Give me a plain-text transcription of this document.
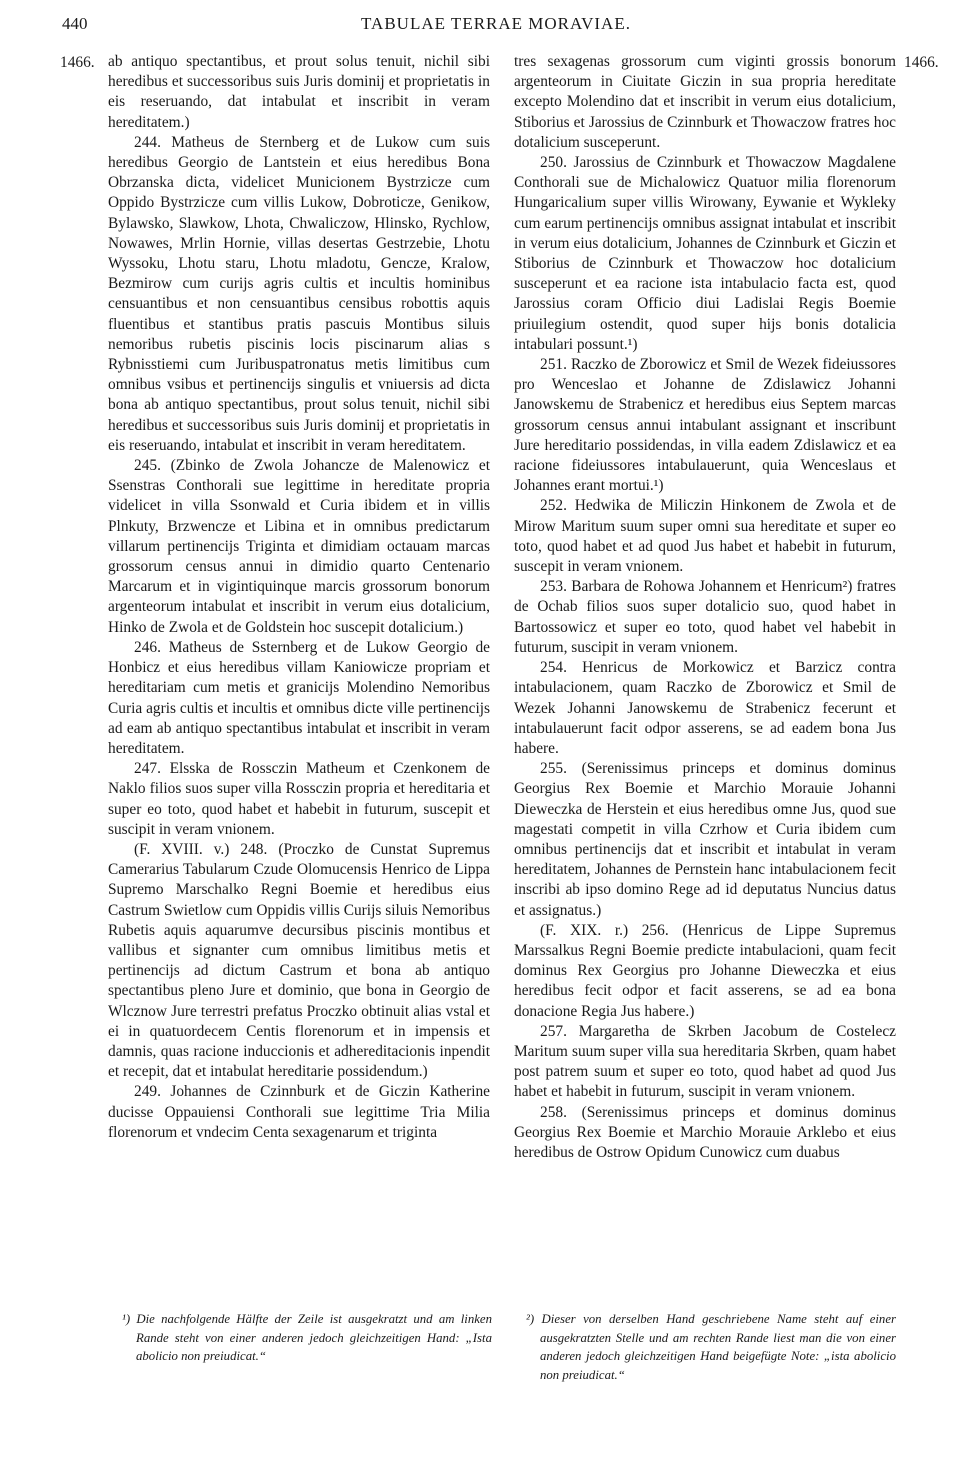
440	TABULAE TERRAE MORAVIAE.
1466.	1466.

ab antiquo spectantibus, et prout solus tenuit, nichil sibi heredibus et successoribus suis Juris dominij et proprietatis in eis reseruando, dat intabulat et inscribit in veram hereditatem.)

244. Matheus de Sternberg et de Lukow cum suis heredibus Georgio de Lantstein et eius heredibus Bona Obrzanska dicta, videlicet Municionem Bystrzicze cum Oppido Bystrzicze cum villis Lukow, Dobroticze, Genikow, Bylawsko, Slawkow, Lhota, Chwaliczow, Hlinsko, Rychlow, Nowawes, Mrlin Hornie, villas desertas Gestrzebie, Lhotu Wyssoku, Lhotu staru, Lhotu mladotu, Gencze, Kralow, Bezmirow cum curijs agris cultis et incultis hominibus censuantibus et non censuantibus censibus robottis aquis fluentibus et stantibus pratis pascuis Montibus siluis nemoribus rubetis piscinis locis piscinarum alias s Rybnisstiemi cum Juribuspatronatus metis limitibus cum omnibus vsibus et pertinencijs singulis et vniuersis ad dicta bona ab antiquo spectantibus, prout solus tenuit, nichil sibi heredibus et successoribus suis Juris dominij et proprietatis in eis reseruando, intabulat et inscribit in veram hereditatem.

245. (Zbinko de Zwola Johancze de Malenowicz et Ssenstras Conthorali sue legittime in hereditate propria videlicet in villa Ssonwald et Curia ibidem et in villis Plnkuty, Brzwencze et Libina et in omnibus predictarum villarum pertinencijs Triginta et dimidiam octauam marcas grossorum census annui in dimidio quarto Centenario Marcarum et in vigintiquinque marcis grossorum bonorum argenteorum intabulat et inscribit in verum eius dotalicium, Hinko de Zwola et de Goldstein hoc suscepit dotalicium.)

246. Matheus de Ssternberg et de Lukow Georgio de Honbicz et eius heredibus villam Kaniowicze propriam et hereditariam cum metis et granicijs Molendino Nemoribus Curia agris cultis et incultis et omnibus dicte ville pertinencijs ad eam ab antiquo spectantibus intabulat et inscribit in veram hereditatem.

247. Elsska de Rossczin Matheum et Czenkonem de Naklo filios suos super villa Rossczin propria et hereditaria et super eo toto, quod habet et habebit in futurum, suscepit et suscipit in veram vnionem.

(F. XVIII. v.) 248. (Proczko de Cunstat Supremus Camerarius Tabularum Czude Olomucensis Henrico de Lippa Supremo Marschalko Regni Boemie et heredibus eius Castrum Swietlow cum Oppidis villis Curijs siluis Nemoribus Rubetis aquis aquarumve decursibus piscinis montibus et vallibus et signanter cum omnibus limitibus metis et pertinencijs ad dictum Castrum et bona ab antiquo spectantibus pleno Jure et dominio, que bona in Georgio de Wlcznow Jure terrestri prefatus Proczko obtinuit alias vstal et ei in quatuordecem Centis florenorum et in impensis et damnis, quas racione induccionis et adhereditacionis inpendit et recepit, dat et intabulat hereditarie possidendum.)

249. Johannes de Czinnburk et de Giczin Katherine ducisse Oppauiensi Conthorali sue legittime Tria Milia florenorum et vndecim Centa sexagenarum et triginta

tres sexagenas grossorum cum viginti grossis bonorum argenteorum in Ciuitate Giczin in sua propria hereditate excepto Molendino dat et inscribit in verum eius dotalicium, Stiborius et Jarossius de Czinnburk et Thowaczow fratres hoc dotalicium susceperunt.

250. Jarossius de Czinnburk et Thowaczow Magdalene Conthorali sue de Michalowicz Quatuor milia florenorum Hungaricalium super villis Wirowany, Eywanie et Wykleky cum earum pertinencijs omnibus assignat intabulat et inscribit in verum eius dotalicium, Johannes de Czinnburk et Giczin et Stiborius de Czinnburk et Thowaczow hoc dotalicium susceperunt et ea racione ista intabulacio facta est, quod Jarossius coram Officio diui Ladislai Regis Boemie priuilegium ostendit, quod super hijs bonis dotalicia intabulari possunt.¹)

251. Raczko de Zborowicz et Smil de Wezek fideiussores pro Wenceslao et Johanne de Zdislawicz Johanni Janowskemu de Strabenicz et heredibus eius Septem marcas grossorum census annui intabulant assignant et inscribunt Jure hereditario possidendas, in villa eadem Zdislawicz et ea racione fideiussores intabulauerunt, quia Wenceslaus et Johannes erant mortui.¹)

252. Hedwika de Miliczin Hinkonem de Zwola et de Mirow Maritum suum super omni sua hereditate et super eo toto, quod habet et ad quod Jus habet et habebit in futurum, suscepit in veram vnionem.

253. Barbara de Rohowa Johannem et Henricum²) fratres de Ochab filios suos super dotalicio suo, quod habet in Bartossowicz et super eo toto, quod habet vel habebit in futurum, suscipit in veram vnionem.

254. Henricus de Morkowicz et Barzicz contra intabulacionem, quam Raczko de Zborowicz et Smil de Wezek Johanni Janowskemu de Strabenicz fecerunt et intabulauerunt facit odpor asserens, se ad eadem bona Jus habere.

255. (Serenissimus princeps et dominus dominus Georgius Rex Boemie et Marchio Morauie Johanni Dieweczka de Herstein et eius heredibus omne Jus, quod sue magestati competit in villa Czrhow et Curia ibidem cum omnibus pertinencijs dat et inscribit et intabulat in veram hereditatem, Johannes de Pernstein hanc intabulacionem fecit inscribi ab ipso domino Rege ad id deputatus Nuncius datus et assignatus.)

(F. XIX. r.) 256. (Henricus de Lippe Supremus Marssalkus Regni Boemie predicte intabulacioni, quam fecit dominus Rex Georgius pro Johanne Dieweczka et eius heredibus fecit odpor et facit asserens, se ad ea bona donacione Regia Jus habere.)

257. Margaretha de Skrben Jacobum de Costelecz Maritum suum super villa sua hereditaria Skrben, quam habet post patrem suum et super eo toto, quod habet ad quod Jus habet et habebit in futurum, suscipit in veram vnionem.

258. (Serenissimus princeps et dominus dominus Georgius Rex Boemie et Marchio Morauie Arklebo et eius heredibus de Ostrow Opidum Cunowicz cum duabus

¹) Die nachfolgende Hälfte der Zeile ist ausgekratzt und am linken Rande steht von einer anderen jedoch gleichzeitigen Hand: „Ista abolicio non preiudicat.“

²) Dieser von derselben Hand geschriebene Name steht auf einer ausgekratzten Stelle und am rechten Rande liest man die von einer anderen jedoch gleichzeitigen Hand beigefügte Note: „ista abolicio non preiudicat.“
